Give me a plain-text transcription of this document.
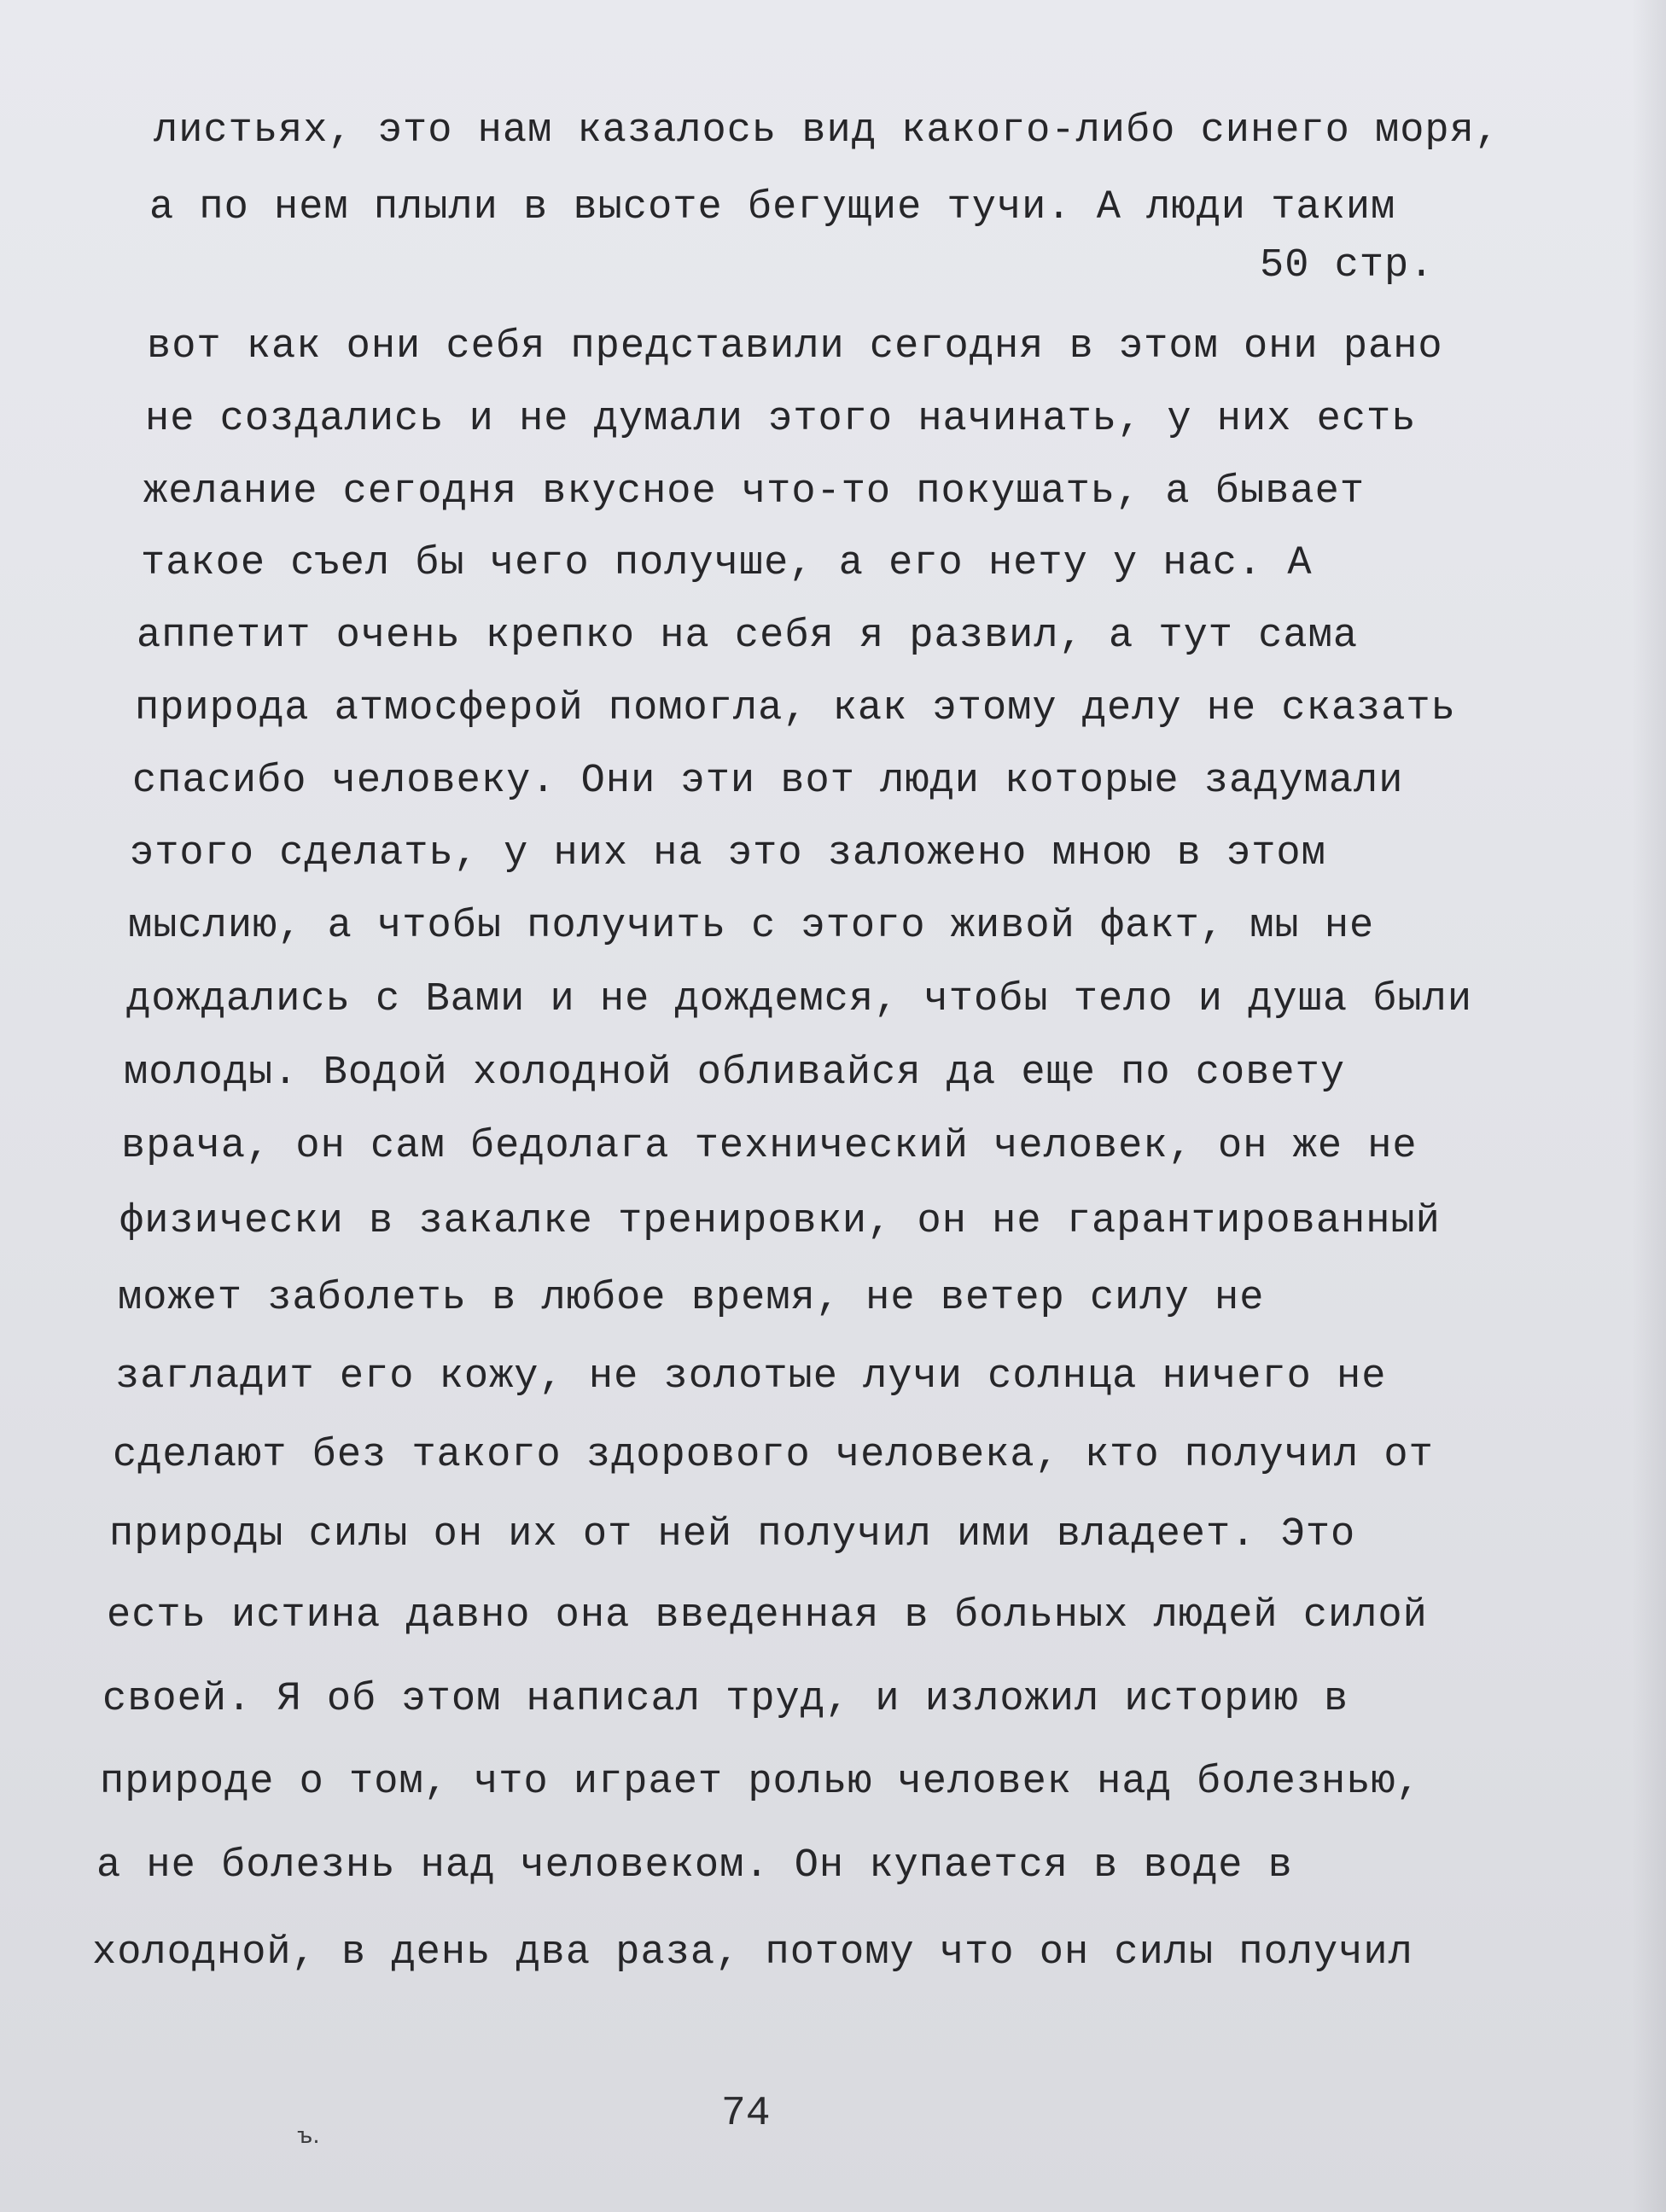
листьях, это нам казалось вид какого-либо синего моря,
а по нем плыли в высоте бегущие тучи. А люди таким
50 стр.
вот как они себя представили сегодня в этом они рано
не создались и не думали этого начинать, у них есть
желание сегодня вкусное что-то покушать, а бывает
такое съел бы чего получше, а его нету у нас. А
аппетит очень крепко на себя я развил, а тут сама
природа атмосферой помогла, как этому делу не сказать
спасибо человеку. Они эти вот люди которые задумали
этого сделать, у них на это заложено мною в этом
мыслию, а чтобы получить с этого живой факт, мы не
дождались с Вами и не дождемся, чтобы тело и душа были
молоды. Водой холодной обливайся да еще по совету
врача, он сам бедолага технический человек, он же не
физически в закалке тренировки, он не гарантированный
может заболеть в любое время, не ветер силу не
загладит его кожу, не золотые лучи солнца ничего не
сделают без такого здорового человека, кто получил от
природы силы он их от ней получил ими владеет. Это
есть истина давно она введенная в больных людей силой
своей. Я об этом написал труд, и изложил историю в
природе о том, что играет ролью человек над болезнью,
а не болезнь над человеком. Он купается в воде в
холодной, в день два раза, потому что он силы получил
74
ъ.
